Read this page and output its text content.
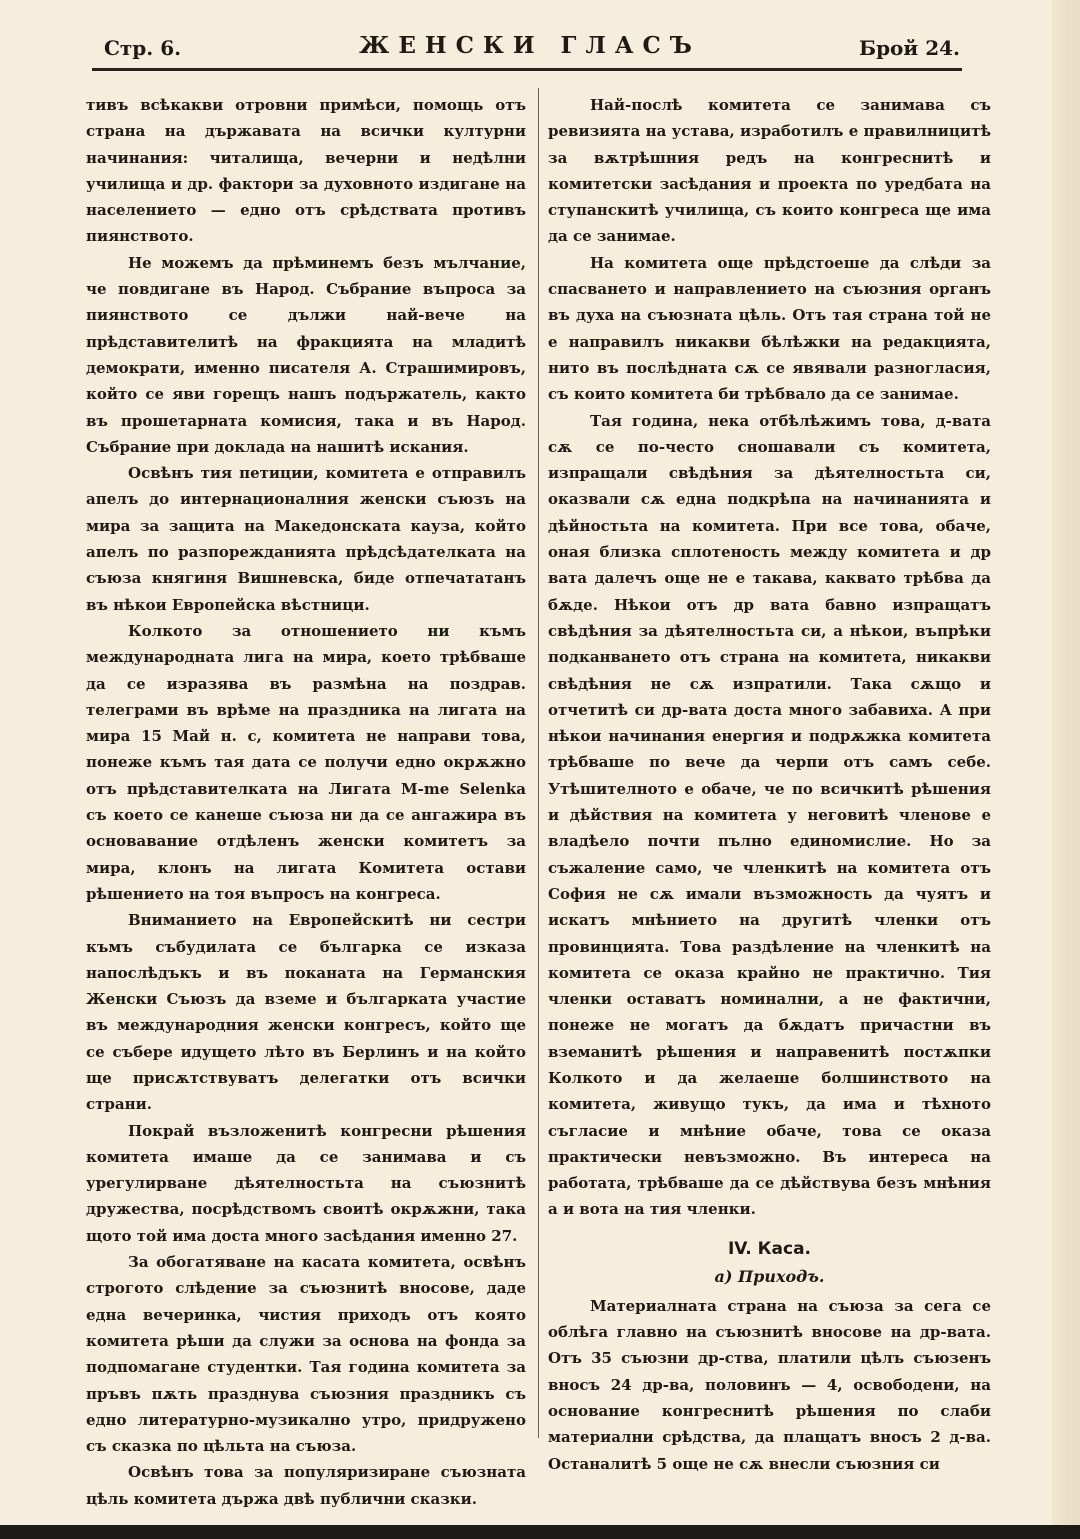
Стр. 6.	ЖЕНСКИ ГЛАСЪ	Брой 24.

тивъ всѣкакви отровни примѣси, помощь отъ страна на държавата на всички културни начинания: читалища, вечерни и недѣлни училища и др. фактори за духовното издигане на населението — едно отъ срѣдствата противъ пиянството.

Не можемъ да прѣминемъ безъ мълчание, че повдигане въ Народ. Събрание въпроса за пиянството се дължи най-вече на прѣдставителитѣ на фракцията на младитѣ демократи, именно писателя А. Страшимировъ, който се яви горещъ нашъ подържатель, както въ прошетарната комисия, така и въ Народ. Събрание при доклада на нашитѣ искания.

Освѣнъ тия петиции, комитета е отправилъ апелъ до интернационалния женски съюзъ на мира за защита на Македонската кауза, който апелъ по разпорежданията прѣдсѣдателката на съюза княгиня Вишневска, биде отпечататанъ въ нѣкои Европейска вѣстници.

Колкото за отношението ни къмъ международната лига на мира, което трѣбваше да се изразява въ размѣна на поздрав. телеграми въ врѣме на праздника на лигата на мира 15 Май н. с, комитета не направи това, понеже къмъ тая дата се получи едно окрѫжно отъ прѣдставителката на Лигата M-me Selenka съ което се канеше съюза ни да се ангажира въ основавание отдѣленъ женски комитетъ за мира, клонъ на лигата Комитета остави рѣшението на тоя въпросъ на конгреса.

Вниманието на Европейскитѣ ни сестри къмъ събудилата се българка се изказа напослѣдъкъ и въ поканата на Германския Женски Съюзъ да вземе и българката участие въ международния женски конгресъ, който ще се събере идущето лѣто въ Берлинъ и на който ще присѫтствуватъ делегатки отъ всички страни.

Покрай възложенитѣ конгресни рѣшения комитета имаше да се занимава и съ урегулирване дѣятелностьта на съюзнитѣ дружества, посрѣдствомъ своитѣ окрѫжни, така щото той има доста много засѣдания именно 27.

За обогатяване на касата комитета, освѣнъ строгото слѣдение за съюзнитѣ вносове, даде една вечеринка, чистия приходъ отъ която комитета рѣши да служи за основа на фонда за подпомагане студентки. Тая година комитета за пръвъ пѫть празднува съюзния праздникъ съ едно литературно-музикално утро, придружено съ сказка по цѣльта на съюза.

Освѣнъ това за популяризиране съюзната цѣль комитета държа двѣ публични сказки.

Най-послѣ комитета се занимава съ ревизията на устава, изработилъ е правилницитѣ за вѫтрѣшния редъ на конгреснитѣ и комитетски засѣдания и проекта по уредбата на ступанскитѣ училища, съ които конгреса ще има да се занимае.

На комитета още прѣдстоеше да слѣди за спасването и направлението на съюзния органъ въ духа на съюзната цѣль. Отъ тая страна той не е направилъ никакви бѣлѣжки на редакцията, нито въ послѣдната сѫ се явявали разногласия, съ които комитета би трѣбвало да се занимае.

Тая година, нека отбѣлѣжимъ това, д-вата сѫ се по-често сношавали съ комитета, изпращали свѣдѣния за дѣятелностьта си, оказвали сѫ една подкрѣпа на начинанията и дѣйностьта на комитета. При все това, обаче, оная близка сплотеность между комитета и др вата далечъ още не е такава, каквато трѣбва да бѫде. Нѣкои отъ др вата бавно изпращатъ свѣдѣния за дѣятелностьта си, а нѣкои, въпрѣки подканването отъ страна на комитета, никакви свѣдѣния не сѫ изпратили. Така сѫщо и отчетитѣ си др-вата доста много забавиха. А при нѣкои начинания енергия и подрѫжка комитета трѣбваше по вече да черпи отъ самъ себе. Утѣшителното е обаче, че по всичкитѣ рѣшения и дѣйствия на комитета у неговитѣ членове е владѣело почти пълно единомислие. Но за съжаление само, че членкитѣ на комитета отъ София не сѫ имали възможность да чуятъ и искатъ мнѣнието на другитѣ членки отъ провинцията. Това раздѣление на членкитѣ на комитета се оказа крайно не практично. Тия членки оставатъ номинални, а не фактични, понеже не могатъ да бѫдатъ причастни въ вземанитѣ рѣшения и направенитѣ постѫпки Колкото и да желаеше болшинството на комитета, живущо тукъ, да има и тѣхното съгласие и мнѣние обаче, това се оказа практически невъзможно. Въ интереса на работата, трѣбваше да се дѣйствува безъ мнѣния а и вота на тия членки.

IV. Каса.
а) Приходъ.

Материалната страна на съюза за сега се облѣга главно на съюзнитѣ вносове на др-вата. Отъ 35 съюзни др-ства, платили цѣлъ съюзенъ вносъ 24 др-ва, половинъ — 4, освободени, на основание конгреснитѣ рѣшения по слаби материални срѣдства, да плащатъ вносъ 2 д-ва. Останалитѣ 5 още не сѫ внесли съюзния си
